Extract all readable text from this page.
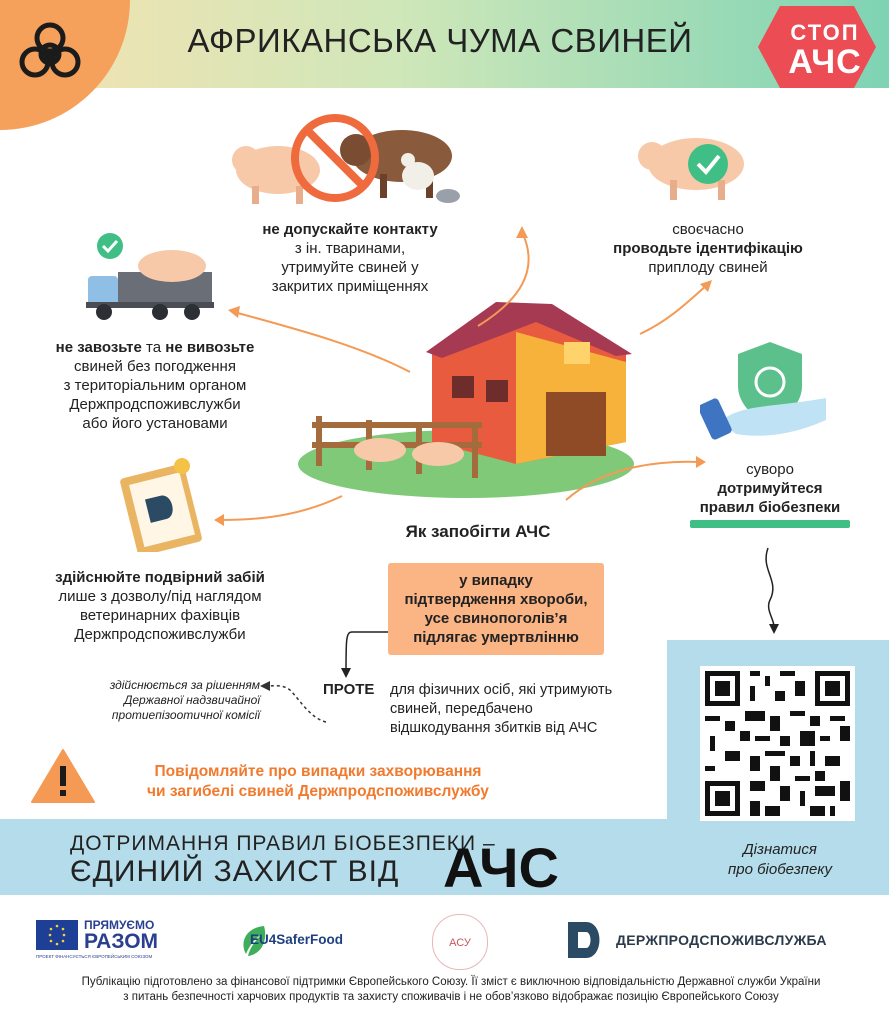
АФРИКАНСЬКА ЧУМА СВИНЕЙ	СТОП
АЧС
не допускайте контакту
з ін. тваринами,
утримуйте свиней у
закритих приміщеннях
своєчасно
проводьте ідентифікацію
приплоду свиней
не завозьте та не вивозьте
свиней без погодження
з територіальним органом
Держпродспоживслужби
або його установами
Як запобігти АЧС
суворо
дотримуйтеся
правил біобезпеки
здійснюйте подвірний забій
лише з дозволу/під наглядом
ветеринарних фахівців
Держпродспоживслужби
у випадку
підтвердження хвороби,
усе свинопоголів’я
підлягає умертвлінню
ПРОТЕ для фізичних осіб, які утримують
свиней, передбачено
відшкодування збитків від АЧС
здійснюється за рішенням
Державної надзвичайної
протиепізоотичної комісії
Повідомляйте про випадки захворювання
чи загибелі свиней Держпродспоживслужбу
Дізнатися
про біобезпеку
ДОТРИМАННЯ ПРАВИЛ БІОБЕЗПЕКИ –
ЄДИНИЙ ЗАХИСТ ВІД АЧС
ПРЯМУЄМО
РАЗОМ
ПРОЕКТ ФІНАНСУЄТЬСЯ ЄВРОПЕЙСЬКИМ СОЮЗОМ
EU4SaferFood	АСУ	ДЕРЖПРОДСПОЖИВСЛУЖБА
Публікацію підготовлено за фінансової підтримки Європейського Союзу. Її зміст є виключною відповідальністю Державної служби України
з питань безпечності харчових продуктів та захисту споживачів і не обов’язково відображає позицію Європейського Союзу
